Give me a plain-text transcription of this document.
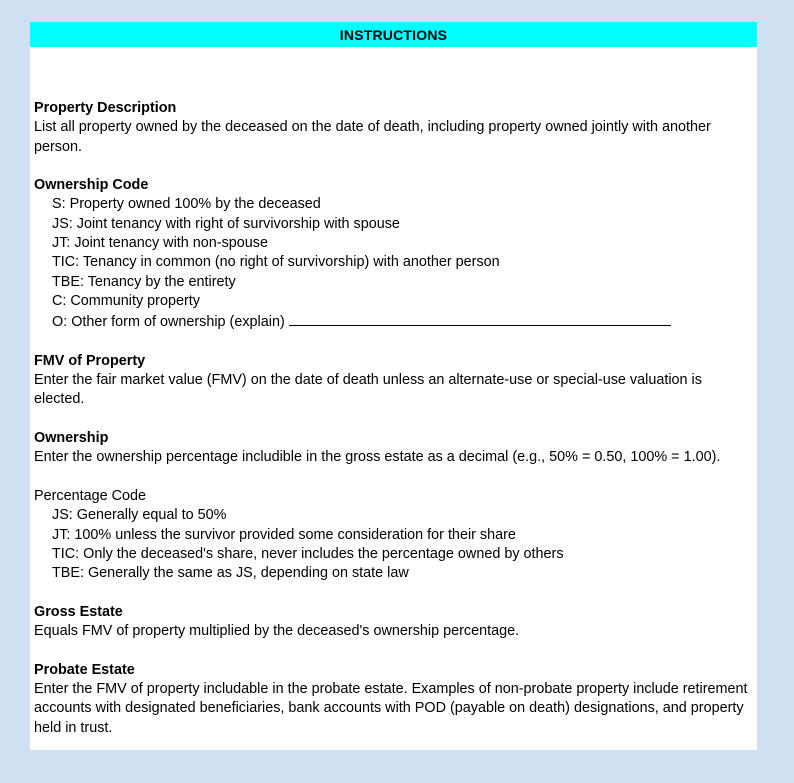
INSTRUCTIONS
Property Description
List all property owned by the deceased on the date of death, including property owned jointly with another person.
Ownership Code
S: Property owned 100% by the deceased
JS: Joint tenancy with right of survivorship with spouse
JT: Joint tenancy with non-spouse
TIC: Tenancy in common (no right of survivorship) with another person
TBE: Tenancy by the entirety
C: Community property
O: Other form of ownership (explain)
FMV of Property
Enter the fair market value (FMV) on the date of death unless an alternate-use or special-use valuation is elected.
Ownership
Enter the ownership percentage includible in the gross estate as a decimal (e.g., 50% = 0.50, 100% = 1.00).
Percentage Code
JS: Generally equal to 50%
JT: 100% unless the survivor provided some consideration for their share
TIC: Only the deceased's share, never includes the percentage owned by others
TBE: Generally the same as JS, depending on state law
Gross Estate
Equals FMV of property multiplied by the deceased's ownership percentage.
Probate Estate
Enter the FMV of property includable in the probate estate. Examples of non-probate property include retirement accounts with designated beneficiaries, bank accounts with POD (payable on death) designations, and property held in trust.
